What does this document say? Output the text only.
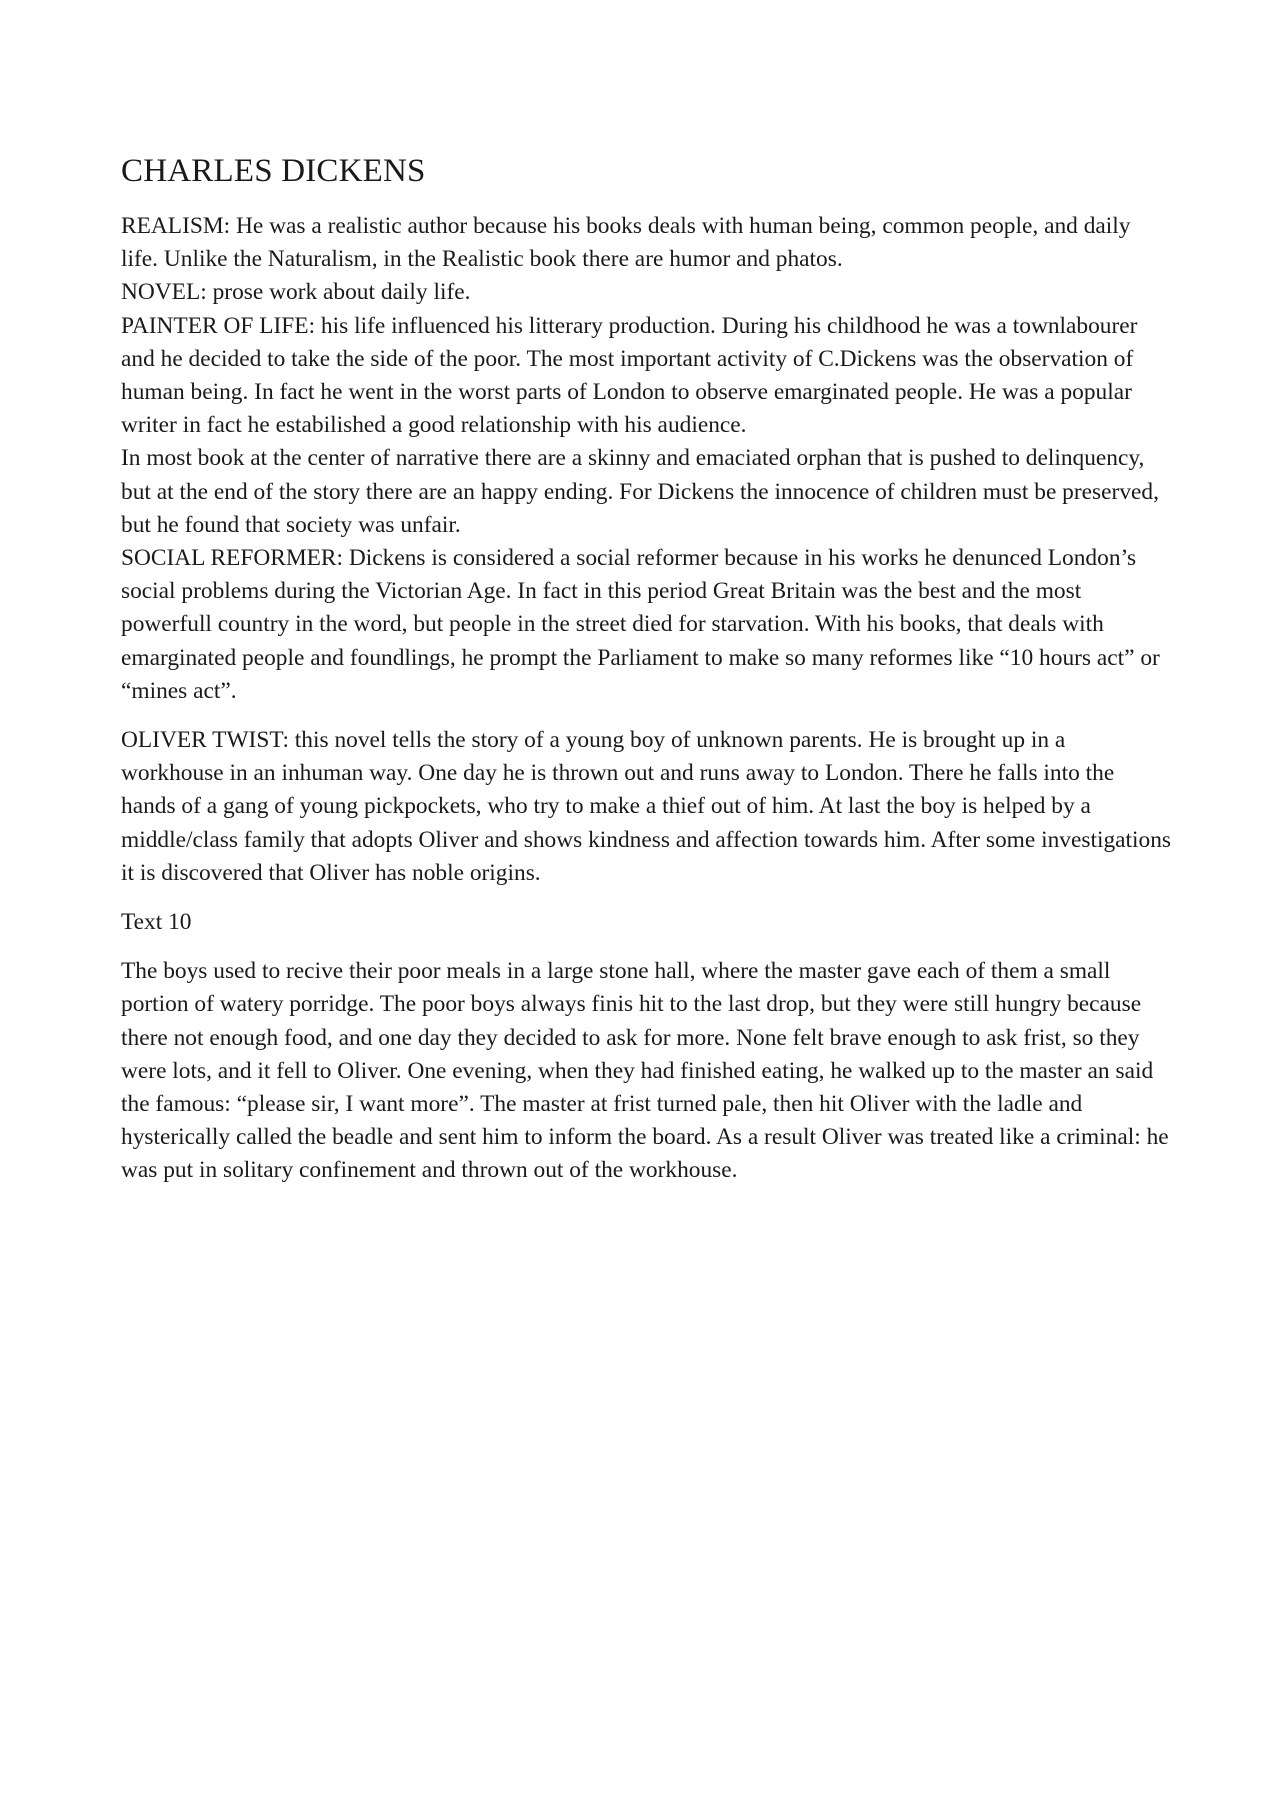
CHARLES DICKENS

REALISM: He was a realistic author because his books deals with human being, common people, and daily life. Unlike the Naturalism, in the Realistic book there are humor and phatos.

NOVEL: prose work about daily life.

PAINTER OF LIFE: his life influenced his litterary production. During his childhood he was a townlabourer and he decided to take the side of the poor. The most important activity of C.Dickens was the observation of human being. In fact he went in the worst parts of London to observe emarginated people. He was a popular writer in fact he estabilished a good relationship with his audience.

In most book at the center of narrative there are a skinny and emaciated orphan that is pushed to delinquency, but at the end of the story there are an happy ending. For Dickens the innocence of children must be preserved, but he found that society was unfair.

SOCIAL REFORMER: Dickens is considered a social reformer because in his works he denunced London’s social problems during the Victorian Age. In fact in this period Great Britain was the best and the most powerfull country in the word, but people in the street died for starvation. With his books, that deals with emarginated people and foundlings, he prompt the Parliament to make so many reformes like “10 hours act” or “mines act”.

OLIVER TWIST: this novel tells the story of a young boy of unknown parents. He is brought up in a workhouse in an inhuman way. One day he is thrown out and runs away to London. There he falls into the hands of a gang of young pickpockets, who try to make a thief out of him. At last the boy is helped by a middle/class family that adopts Oliver and shows kindness and affection towards him. After some investigations it is discovered that Oliver has noble origins.

Text 10

The boys used to recive their poor meals in a large stone hall, where the master gave each of them a small portion of watery porridge. The poor boys always finis hit to the last drop, but they were still hungry because there not enough food, and one day they decided to ask for more. None felt brave enough to ask frist, so they were lots, and it fell to Oliver. One evening, when they had finished eating, he walked up to the master an said the famous: “please sir, I want more”. The master at frist turned pale, then hit Oliver with the ladle and hysterically called the beadle and sent him to inform the board. As a result Oliver was treated like a criminal: he was put in solitary confinement and thrown out of the workhouse.
